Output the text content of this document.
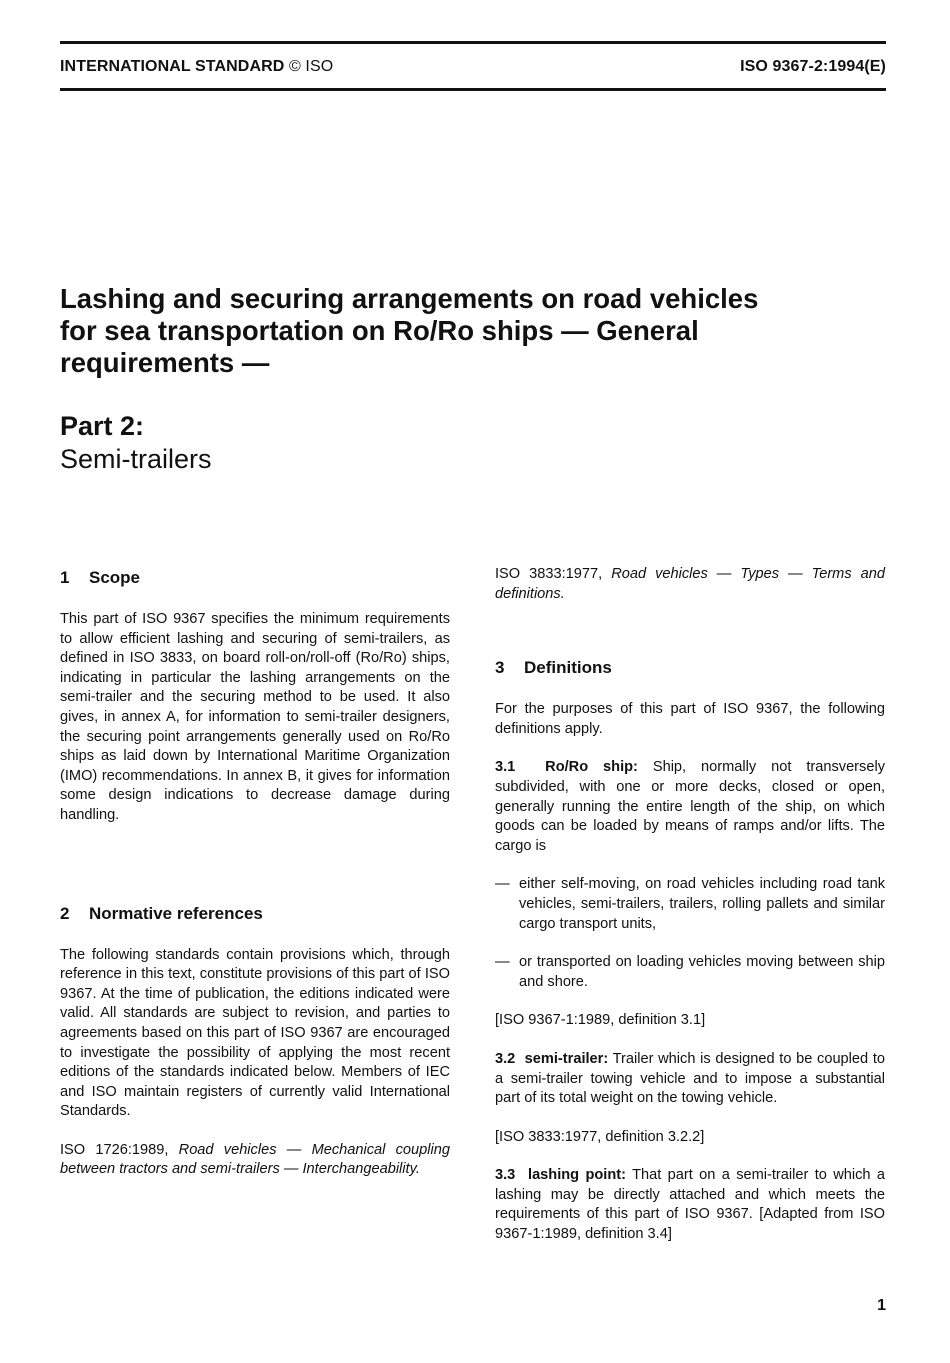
INTERNATIONAL STANDARD © ISO	ISO 9367-2:1994(E)
Lashing and securing arrangements on road vehicles
for sea transportation on Ro/Ro ships — General
requirements —
Part 2:
Semi-trailers
1 Scope

This part of ISO 9367 specifies the minimum requirements to allow efficient lashing and securing of semi-trailers, as defined in ISO 3833, on board roll-on/roll-off (Ro/Ro) ships, indicating in particular the lashing arrangements on the semi-trailer and the securing method to be used. It also gives, in annex A, for information to semi-trailer designers, the securing point arrangements generally used on Ro/Ro ships as laid down by International Maritime Organization (IMO) recommendations. In annex B, it gives for information some design indications to decrease damage during handling.

2 Normative references

The following standards contain provisions which, through reference in this text, constitute provisions of this part of ISO 9367. At the time of publication, the editions indicated were valid. All standards are subject to revision, and parties to agreements based on this part of ISO 9367 are encouraged to investigate the possibility of applying the most recent editions of the standards indicated below. Members of IEC and ISO maintain registers of currently valid International Standards.

ISO 1726:1989, Road vehicles — Mechanical coupling between tractors and semi-trailers — Interchangeability.

ISO 3833:1977, Road vehicles — Types — Terms and definitions.

3 Definitions

For the purposes of this part of ISO 9367, the following definitions apply.

3.1 Ro/Ro ship: Ship, normally not transversely subdivided, with one or more decks, closed or open, generally running the entire length of the ship, on which goods can be loaded by means of ramps and/or lifts. The cargo is

— either self-moving, on road vehicles including road tank vehicles, semi-trailers, trailers, rolling pallets and similar cargo transport units,
— or transported on loading vehicles moving between ship and shore.

[ISO 9367-1:1989, definition 3.1]

3.2 semi-trailer: Trailer which is designed to be coupled to a semi-trailer towing vehicle and to impose a substantial part of its total weight on the towing vehicle.

[ISO 3833:1977, definition 3.2.2]

3.3 lashing point: That part on a semi-trailer to which a lashing may be directly attached and which meets the requirements of this part of ISO 9367. [Adapted from ISO 9367-1:1989, definition 3.4]

1
